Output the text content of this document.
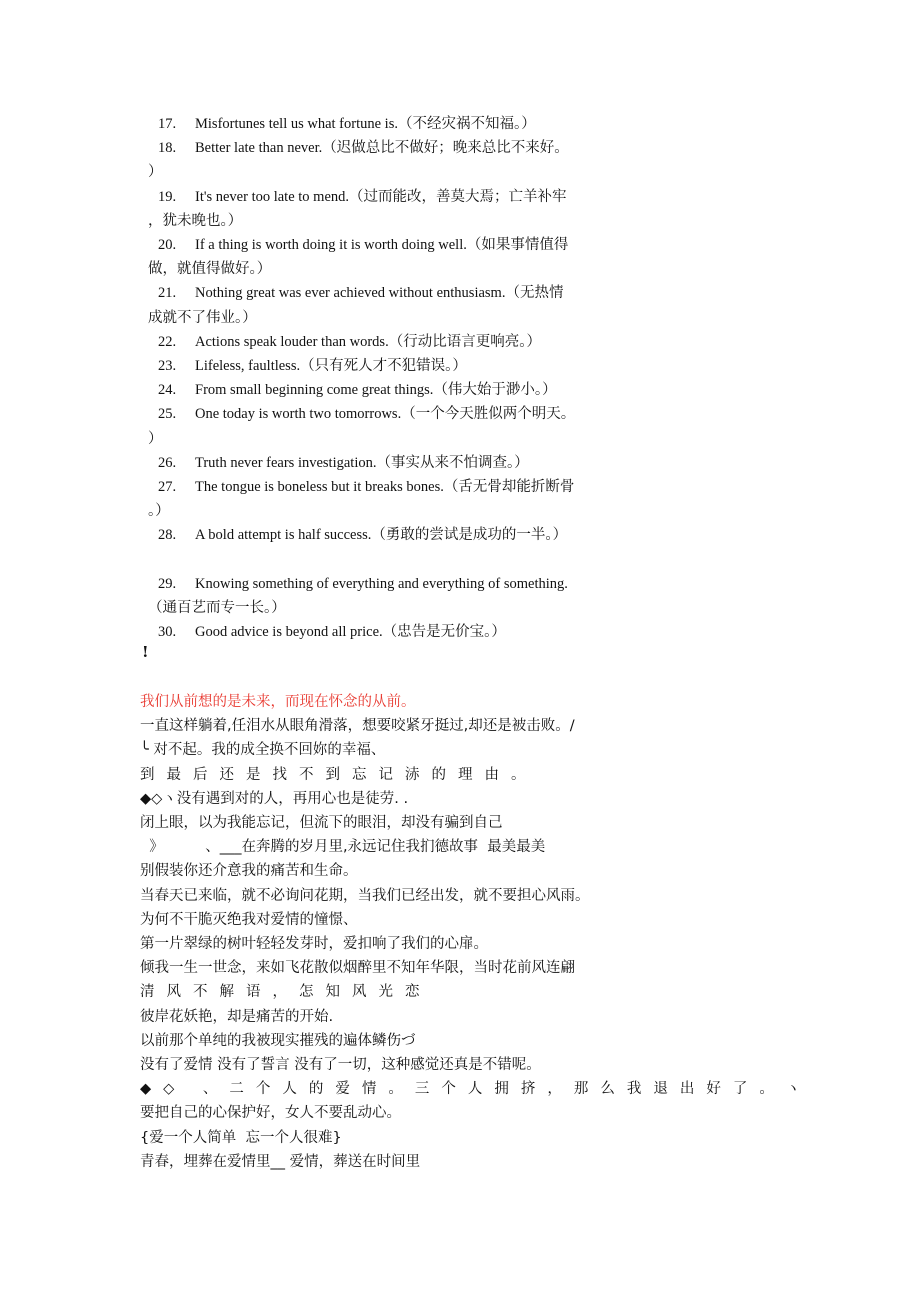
17. Misfortunes tell us what fortune is.（不经灾祸不知福。）
18. Better late than never.（迟做总比不做好；晚来总比不来好。
）
19. It's never too late to mend.（过而能改，善莫大焉；亡羊补牢
，犹未晚也。）
20. If a thing is worth doing it is worth doing well.（如果事情值得
做，就值得做好。）
21. Nothing great was ever achieved without enthusiasm.（无热情
成就不了伟业。）
22. Actions speak louder than words.（行动比语言更响亮。）
23. Lifeless, faultless.（只有死人才不犯错误。）
24. From small beginning come great things.（伟大始于渺小。）
25. One today is worth two tomorrows.（一个今天胜似两个明天。
）
26. Truth never fears investigation.（事实从来不怕调查。）
27. The tongue is boneless but it breaks bones.（舌无骨却能折断骨
。）
28. A bold attempt is half success.（勇敢的尝试是成功的一半。）
29. Knowing something of everything and everything of something.
（通百艺而专一长。）
30. Good advice is beyond all price.（忠告是无价宝。）
!
我们从前想的是未来，而现在怀念的从前。
一直这样躺着,任泪水从眼角滑落，想要咬紧牙挺过,却还是被击败。/
╰ 对不起。我的成全换不回妳的幸福、
到最后还是找不到忘记浾的理由。
◆◇ヽ没有遇到对的人，再用心也是徒劳. .
闭上眼，以为我能忘记，但流下的眼泪，却没有骗到自己
》         、___在奔腾的岁月里,永远记住我扪德故事  最美最美
别假装你还介意我的痛苦和生命。
当春天已来临，就不必询问花期，当我们已经出发，就不要担心风雨。
为何不干脆灭绝我对爱情的憧憬、
第一片翠绿的树叶轻轻发芽时，爱扣响了我们的心扉。
倾我一生一世念，来如飞花散似烟醉里不知年华限，当时花前风连翩
清风不解语，怎知风光恋
彼岸花妖艳，却是痛苦的开始.
以前那个单纯的我被现实摧残的遍体鳞伤づ
没有了爱情 没有了誓言 没有了一切，这种感觉还真是不错呢。
◆◇ 、二个人的爱情。三个人拥挤，那么我退出好了。ヽ
要把自己的心保护好，女人不要乱动心。
{爱一个人简单  忘一个人很难}
青春，埋葬在爱情里__ 爱情，葬送在时间里
